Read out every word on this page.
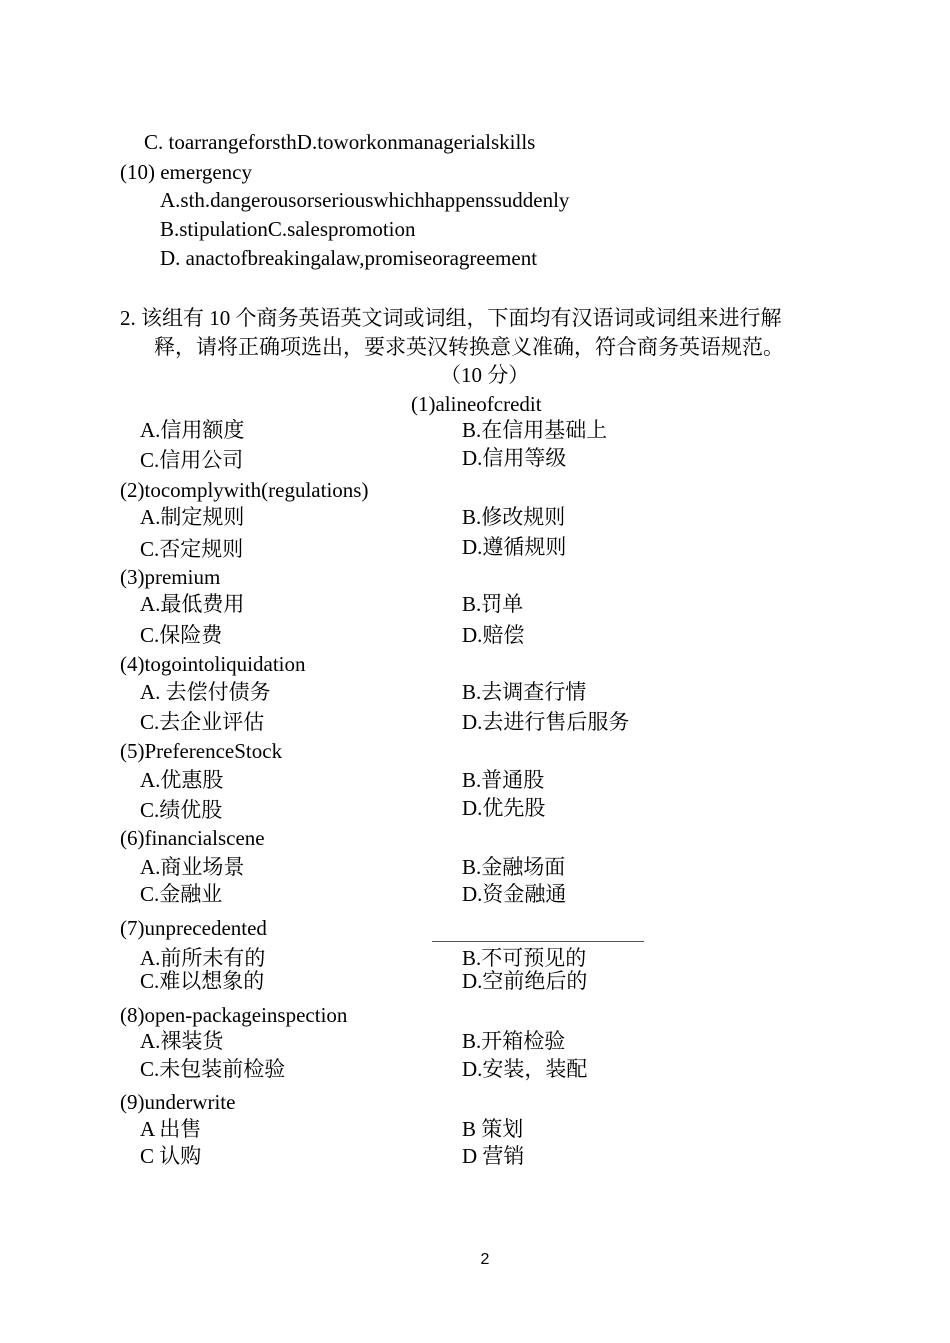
C. toarrangeforsthD.toworkonmanagerialskills
(10) emergency
A.sth.dangerousorseriouswhichhappenssuddenly
B.stipulationC.salespromotion
D. anactofbreakingalaw,promiseoragreement
2. 该组有 10 个商务英语英文词或词组，下面均有汉语词或词组来进行解
释，请将正确项选出，要求英汉转换意义准确，符合商务英语规范。
（10 分）
(1)alineofcredit
A.信用额度	B.在信用基础上
C.信用公司	D.信用等级
(2)tocomplywith(regulations)
A.制定规则	B.修改规则
C.否定规则	D.遵循规则
(3)premium
A.最低费用	B.罚单
C.保险费	D.赔偿
(4)togointoliquidation
A. 去偿付债务	B.去调查行情
C.去企业评估	D.去进行售后服务
(5)PreferenceStock
A.优惠股	B.普通股
C.绩优股	D.优先股
(6)financialscene
A.商业场景	B.金融场面
C.金融业	D.资金融通
(7)unprecedented
A.前所未有的	B.不可预见的
C.难以想象的	D.空前绝后的
(8)open-packageinspection
A.裸装货	B.开箱检验
C.未包装前检验	D.安装，装配
(9)underwrite
A 出售	B 策划
C 认购	D 营销
2
